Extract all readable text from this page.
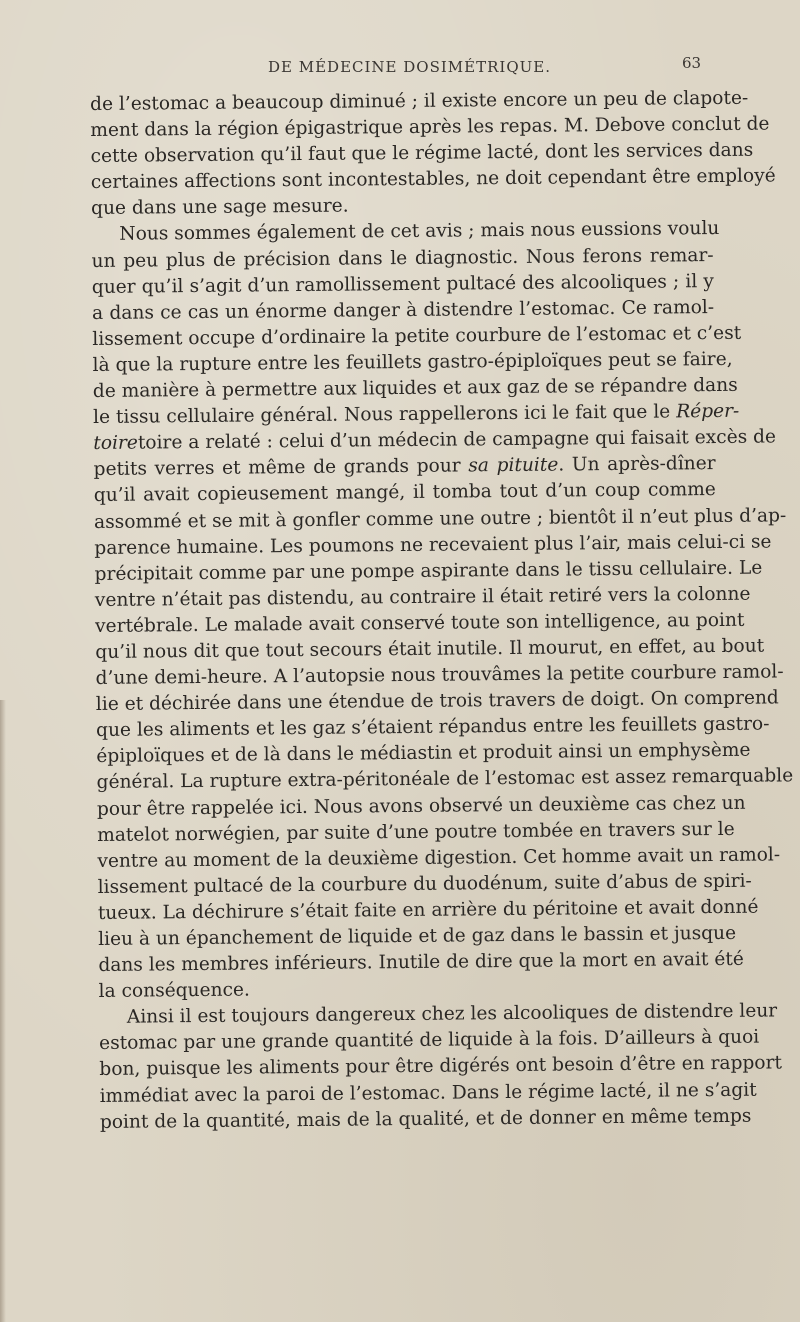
DE MÉDECINE DOSIMÉTRIQUE.	63
de l’estomac a beaucoup diminué ; il existe encore un peu de clapote-
ment dans la région épigastrique après les repas. M. Debove conclut de
cette observation qu’il faut que le régime lacté, dont les services dans
certaines affections sont incontestables, ne doit cependant être employé
que dans une sage mesure.
Nous sommes également de cet avis ; mais nous eussions voulu
un peu plus de précision dans le diagnostic. Nous ferons remar-
quer qu’il s’agit d’un ramollissement pultacé des alcooliques ; il y
a dans ce cas un énorme danger à distendre l’estomac. Ce ramol-
lissement occupe d’ordinaire la petite courbure de l’estomac et c’est
là que la rupture entre les feuillets gastro-épiploïques peut se faire,
de manière à permettre aux liquides et aux gaz de se répandre dans
le tissu cellulaire général. Nous rappellerons ici le fait que le Réper-
toiretoire a relaté : celui d’un médecin de campagne qui faisait excès de
petits verres et même de grands pour sa pituite. Un après-dîner
qu’il avait copieusement mangé, il tomba tout d’un coup comme
assommé et se mit à gonfler comme une outre ; bientôt il n’eut plus d’ap-
parence humaine. Les poumons ne recevaient plus l’air, mais celui-ci se
précipitait comme par une pompe aspirante dans le tissu cellulaire. Le
ventre n’était pas distendu, au contraire il était retiré vers la colonne
vertébrale. Le malade avait conservé toute son intelligence, au point
qu’il nous dit que tout secours était inutile. Il mourut, en effet, au bout
d’une demi-heure. A l’autopsie nous trouvâmes la petite courbure ramol-
lie et déchirée dans une étendue de trois travers de doigt. On comprend
que les aliments et les gaz s’étaient répandus entre les feuillets gastro-
épiploïques et de là dans le médiastin et produit ainsi un emphysème
général. La rupture extra-péritonéale de l’estomac est assez remarquable
pour être rappelée ici. Nous avons observé un deuxième cas chez un
matelot norwégien, par suite d’une poutre tombée en travers sur le
ventre au moment de la deuxième digestion. Cet homme avait un ramol-
lissement pultacé de la courbure du duodénum, suite d’abus de spiri-
tueux. La déchirure s’était faite en arrière du péritoine et avait donné
lieu à un épanchement de liquide et de gaz dans le bassin et jusque
dans les membres inférieurs. Inutile de dire que la mort en avait été
la conséquence.
Ainsi il est toujours dangereux chez les alcooliques de distendre leur
estomac par une grande quantité de liquide à la fois. D’ailleurs à quoi
bon, puisque les aliments pour être digérés ont besoin d’être en rapport
immédiat avec la paroi de l’estomac. Dans le régime lacté, il ne s’agit
point de la quantité, mais de la qualité, et de donner en même temps
